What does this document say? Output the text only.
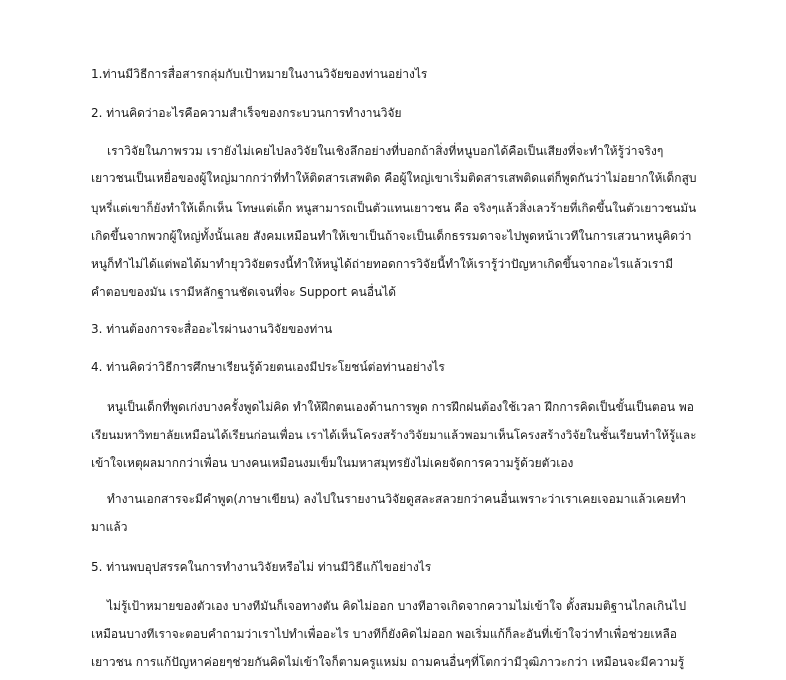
1.ท่านมีวิธีการสื่อสารกลุ่มกับเป้าหมายในงานวิจัยของท่านอย่างไร
2. ท่านคิดว่าอะไรคือความสำเร็จของกระบวนการทำงานวิจัย
เราวิจัยในภาพรวม เรายังไม่เคยไปลงวิจัยในเชิงลึกอย่างที่บอกถ้าสิ่งที่หนูบอกได้คือเป็นเสียงที่จะทำให้รู้ว่าจริงๆ
เยาวชนเป็นเหยื่อของผู้ใหญ่มากกว่าที่ทำให้ติดสารเสพติด คือผู้ใหญ่เขาเริ่มติดสารเสพติดแต่ก็พูดกันว่าไม่อยากให้เด็กสูบ
บุหรี่แต่เขาก็ยังทำให้เด็กเห็น โทษแต่เด็ก หนูสามารถเป็นตัวแทนเยาวชน คือ จริงๆแล้วสิ่งเลวร้ายที่เกิดขึ้นในตัวเยาวชนมัน
เกิดขึ้นจากพวกผู้ใหญ่ทั้งนั้นเลย สังคมเหมือนทำให้เขาเป็นถ้าจะเป็นเด็กธรรมดาจะไปพูดหน้าเวทีในการเสวนาหนูคิดว่า
หนูก็ทำไม่ได้แต่พอได้มาทำยุววิจัยตรงนี้ทำให้หนูได้ถ่ายทอดการวิจัยนี้ทำให้เรารู้ว่าปัญหาเกิดขึ้นจากอะไรแล้วเรามี
คำตอบของมัน เรามีหลักฐานชัดเจนที่จะ Support คนอื่นได้
3. ท่านต้องการจะสื่ออะไรผ่านงานวิจัยของท่าน
4. ท่านคิดว่าวิธีการศึกษาเรียนรู้ด้วยตนเองมีประโยชน์ต่อท่านอย่างไร
หนูเป็นเด็กที่พูดเก่งบางครั้งพูดไม่คิด ทำให้ฝึกตนเองด้านการพูด การฝึกฝนต้องใช้เวลา ฝึกการคิดเป็นขั้นเป็นตอน พอ
เรียนมหาวิทยาลัยเหมือนได้เรียนก่อนเพื่อน เราได้เห็นโครงสร้างวิจัยมาแล้วพอมาเห็นโครงสร้างวิจัยในชั้นเรียนทำให้รู้และ
เข้าใจเหตุผลมากกว่าเพื่อน บางคนเหมือนงมเข็มในมหาสมุทรยังไม่เคยจัดการความรู้ด้วยตัวเอง
ทำงานเอกสารจะมีคำพูด(ภาษาเขียน) ลงไปในรายงานวิจัยดูสละสลวยกว่าคนอื่นเพราะว่าเราเคยเจอมาแล้วเคยทำ
มาแล้ว
5. ท่านพบอุปสรรคในการทำงานวิจัยหรือไม่ ท่านมีวิธีแก้ไขอย่างไร
ไม่รู้เป้าหมายของตัวเอง บางทีมันก็เจอทางตัน คิดไม่ออก บางทีอาจเกิดจากความไม่เข้าใจ ตั้งสมมติฐานไกลเกินไป
เหมือนบางทีเราจะตอบคำถามว่าเราไปทำเพื่ออะไร บางทีก็ยังคิดไม่ออก พอเริ่มแก้ก็ละอันที่เข้าใจว่าทำเพื่อช่วยเหลือ
เยาวชน การแก้ปัญหาค่อยๆช่วยกันคิดไม่เข้าใจก็ตามครูแหม่ม ถามคนอื่นๆที่โตกว่ามีวุฒิภาวะกว่า เหมือนจะมีความรู้
